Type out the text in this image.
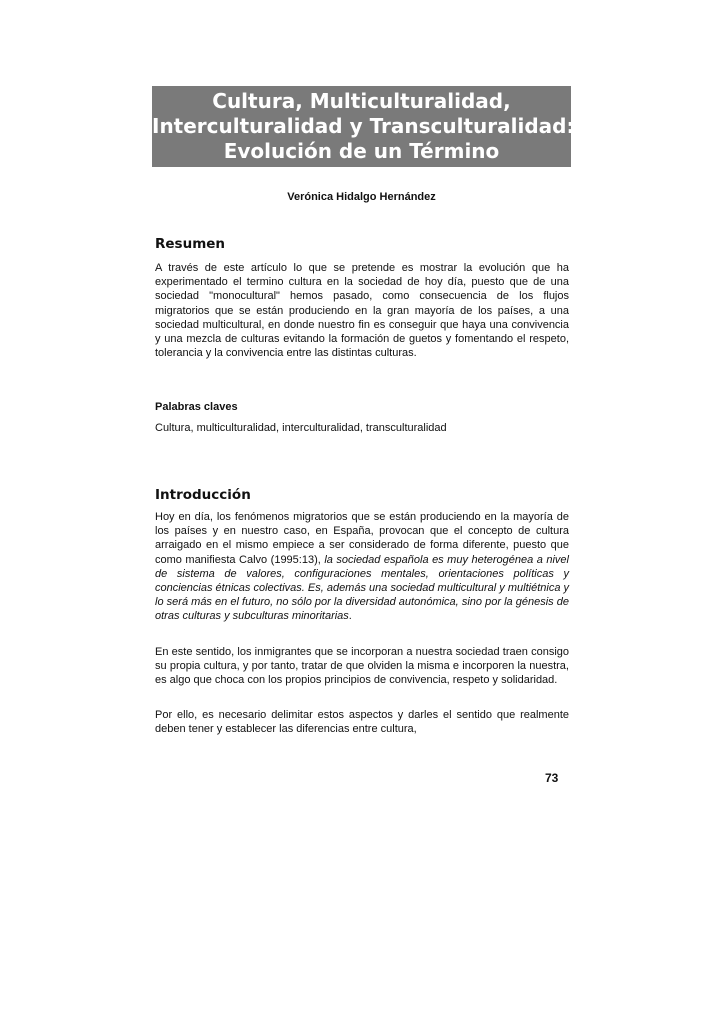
Cultura, Multiculturalidad,
Interculturalidad y Transculturalidad:
Evolución de un Término
Verónica Hidalgo Hernández
Resumen

A través de este artículo lo que se pretende es mostrar la evolución que ha experimentado el termino cultura en la sociedad de hoy día, puesto que de una sociedad "monocultural" hemos pasado, como consecuencia de los flujos migratorios que se están produciendo en la gran mayoría de los países, a una sociedad multicultural, en donde nuestro fin es conseguir que haya una convivencia y una mezcla de culturas evitando la formación de guetos y fomentando el respeto, tolerancia y la convivencia entre las distintas culturas.

Palabras claves
Cultura, multiculturalidad, interculturalidad, transculturalidad
Introducción

Hoy en día, los fenómenos migratorios que se están produciendo en la mayoría de los países y en nuestro caso, en España, provocan que el concepto de cultura arraigado en el mismo empiece a ser considerado de forma diferente, puesto que como manifiesta Calvo (1995:13), la sociedad española es muy heterogénea a nivel de sistema de valores, configuraciones mentales, orientaciones políticas y conciencias étnicas colectivas. Es, además una sociedad multicultural y multiétnica y lo será más en el futuro, no sólo por la diversidad autonómica, sino por la génesis de otras culturas y subculturas minoritarias.

En este sentido, los inmigrantes que se incorporan a nuestra sociedad traen consigo su propia cultura, y por tanto, tratar de que olviden la misma e incorporen la nuestra, es algo que choca con los propios principios de convivencia, respeto y solidaridad.

Por ello, es necesario delimitar estos aspectos y darles el sentido que realmente deben tener y establecer las diferencias entre cultura,

73
